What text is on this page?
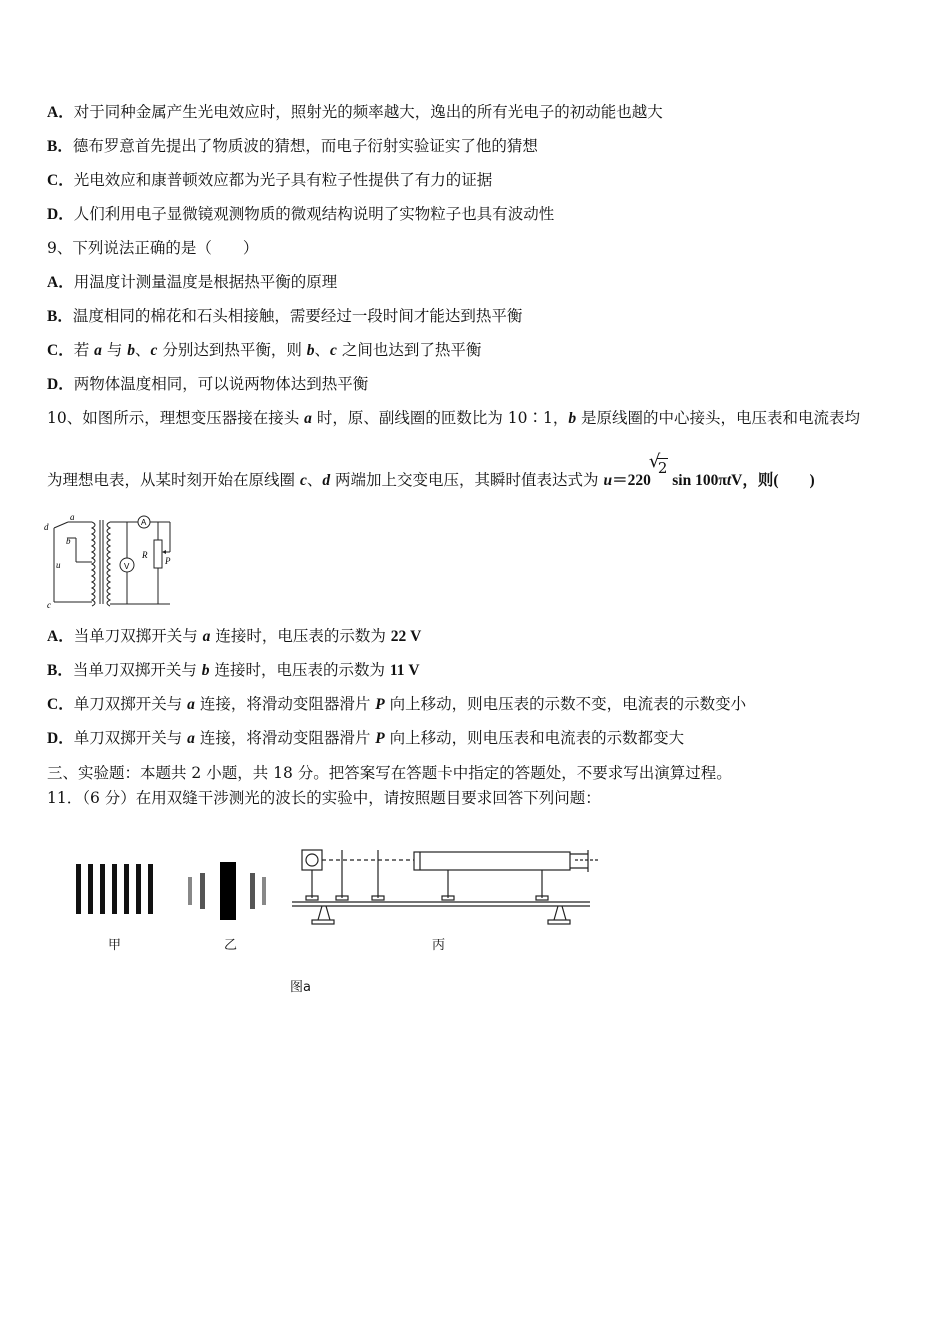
A．对于同种金属产生光电效应时，照射光的频率越大，逸出的所有光电子的初动能也越大
B．德布罗意首先提出了物质波的猜想，而电子衍射实验证实了他的猜想
C．光电效应和康普顿效应都为光子具有粒子性提供了有力的证据
D．人们利用电子显微镜观测物质的微观结构说明了实物粒子也具有波动性
9、下列说法正确的是（　　）
A．用温度计测量温度是根据热平衡的原理
B．温度相同的棉花和石头相接触，需要经过一段时间才能达到热平衡
C．若 a 与 b、c 分别达到热平衡，则 b、c 之间也达到了热平衡
D．两物体温度相同，可以说两物体达到热平衡
10、如图所示，理想变压器接在接头 a 时，原、副线圈的匝数比为 10∶1，b 是原线圈的中心接头，电压表和电流表均
为理想电表，从某时刻开始在原线圈 c、d 两端加上交变电压，其瞬时值表达式为 u＝220
√
2 sin 100πtV，则(　　)
d
a
b
u
c
R
P
V
A
A．当单刀双掷开关与 a 连接时，电压表的示数为 22 V
B．当单刀双掷开关与 b 连接时，电压表的示数为 11 V
C．单刀双掷开关与 a 连接，将滑动变阻器滑片 P 向上移动，则电压表的示数不变，电流表的示数变小
D．单刀双掷开关与 a 连接，将滑动变阻器滑片 P 向上移动，则电压表和电流表的示数都变大
三、实验题：本题共 2 小题，共 18 分。把答案写在答题卡中指定的答题处，不要求写出演算过程。
11．（6 分）在用双缝干涉测光的波长的实验中，请按照题目要求回答下列问题：
甲	乙	丙
图a
